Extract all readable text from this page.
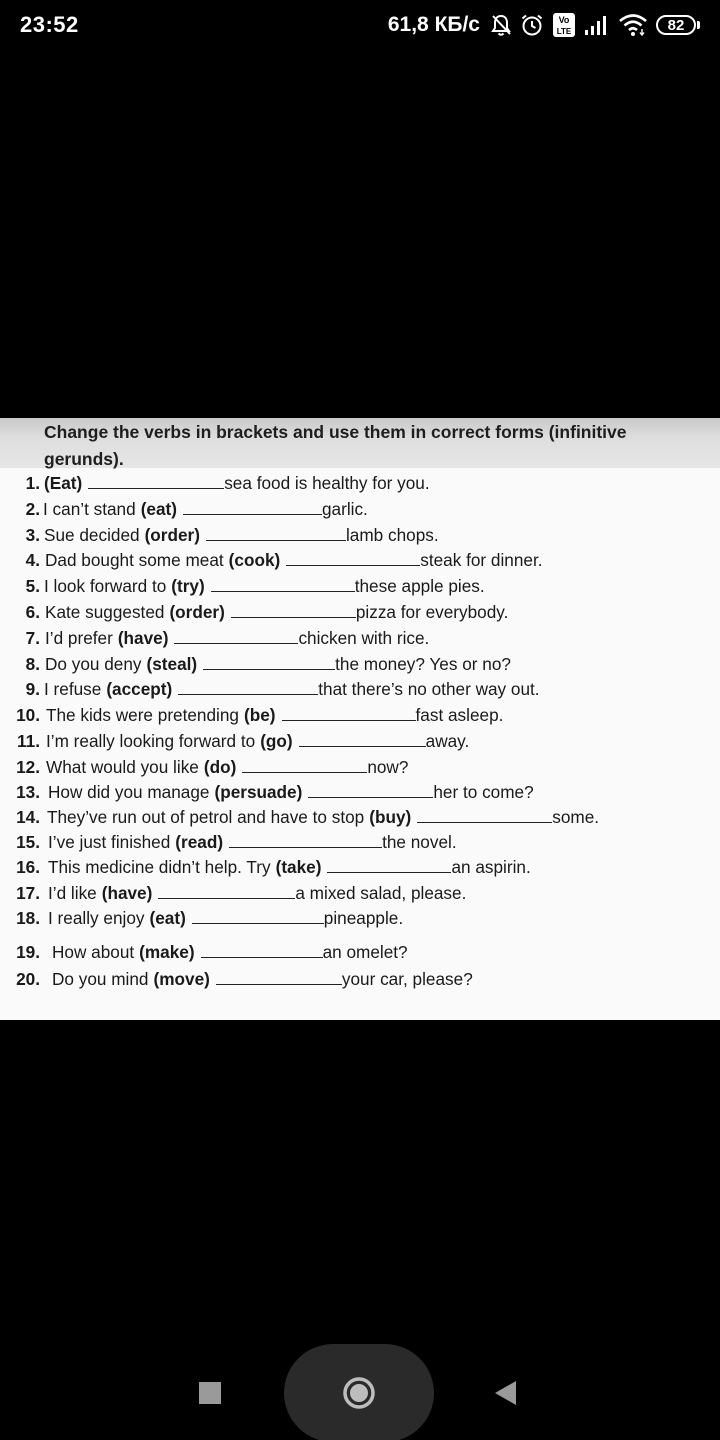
23:52	61,8 КБ/с	Vo
LTE	82
Change the verbs in brackets and use them in correct forms (infinitive
gerunds).
1. (Eat)	sea food is healthy for you.
2. I can’t stand (eat)	garlic.
3. Sue decided (order)	lamb chops.
4. Dad bought some meat (cook)	steak for dinner.
5. I look forward to (try)	these apple pies.
6. Kate suggested (order)	pizza for everybody.
7. I’d prefer (have)	chicken with rice.
8. Do you deny (steal)	the money? Yes or no?
9. I refuse (accept)	that there’s no other way out.
10. The kids were pretending (be)	fast asleep.
11. I’m really looking forward to (go)	away.
12. What would you like (do)	now?
13. How did you manage (persuade)	her to come?
14. They’ve run out of petrol and have to stop (buy)	some.
15. I’ve just finished (read)	the novel.
16. This medicine didn’t help. Try (take)	an aspirin.
17. I’d like (have)	a mixed salad, please.
18. I really enjoy (eat)	pineapple.
19. How about (make)	an omelet?
20. Do you mind (move)	your car, please?
